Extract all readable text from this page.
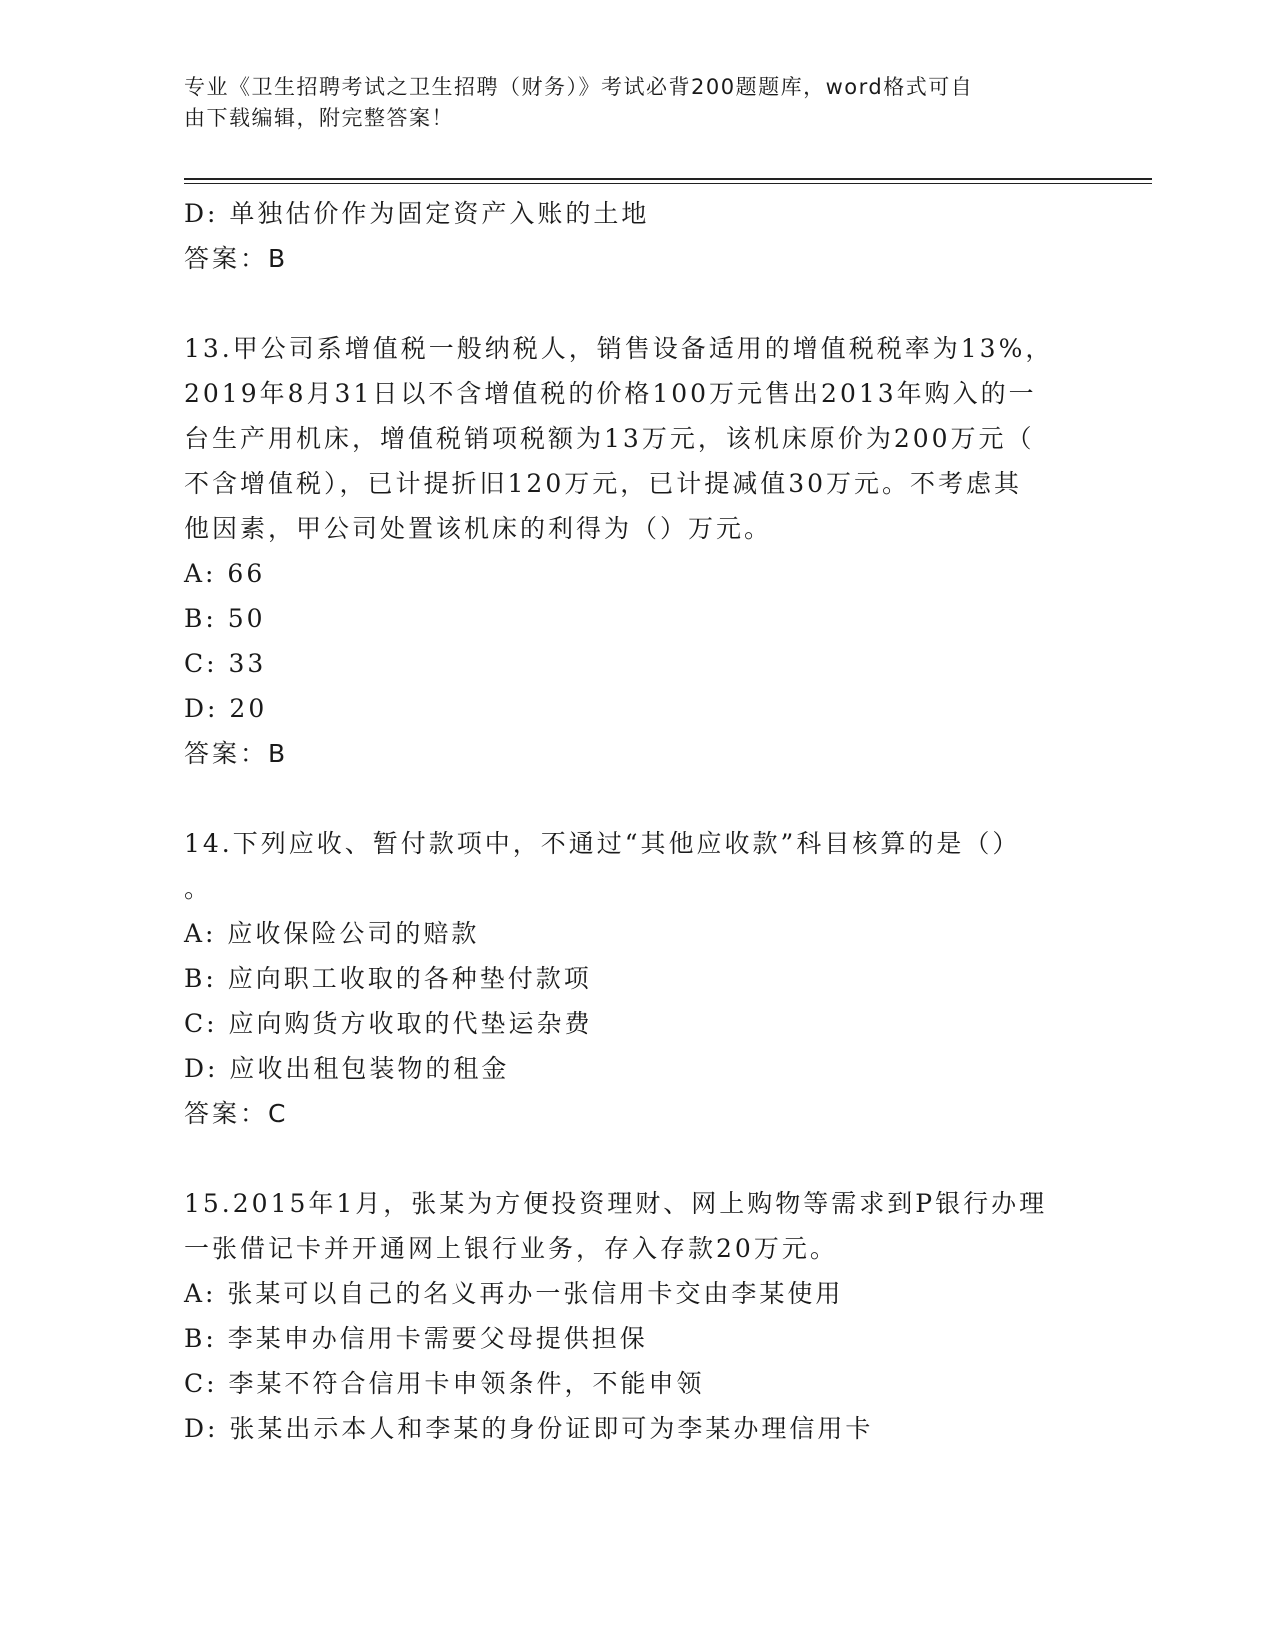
专业《卫生招聘考试之卫生招聘（财务）》考试必背200题题库，word格式可自
由下载编辑，附完整答案！
D: 单独估价作为固定资产入账的土地
答案：B
13.甲公司系增值税一般纳税人，销售设备适用的增值税税率为13%，
2019年8月31日以不含增值税的价格100万元售出2013年购入的一
台生产用机床，增值税销项税额为13万元，该机床原价为200万元（
不含增值税），已计提折旧120万元，已计提减值30万元。不考虑其
他因素，甲公司处置该机床的利得为（）万元。
A: 66
B: 50
C: 33
D: 20
答案：B
14.下列应收、暂付款项中，不通过“其他应收款”科目核算的是（）
。
A: 应收保险公司的赔款
B: 应向职工收取的各种垫付款项
C: 应向购货方收取的代垫运杂费
D: 应收出租包装物的租金
答案：C
15.2015年1月，张某为方便投资理财、网上购物等需求到P银行办理
一张借记卡并开通网上银行业务，存入存款20万元。
A: 张某可以自己的名义再办一张信用卡交由李某使用
B: 李某申办信用卡需要父母提供担保
C: 李某不符合信用卡申领条件，不能申领
D: 张某出示本人和李某的身份证即可为李某办理信用卡
